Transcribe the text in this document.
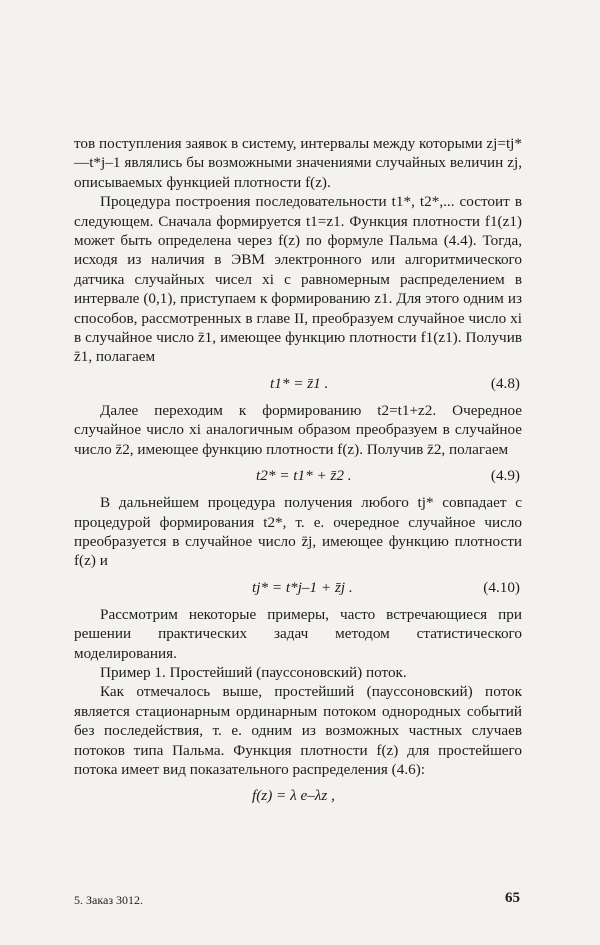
тов поступления заявок в систему, интервалы между которыми zj=tj*—t*j–1 являлись бы возможными значениями случайных величин zj, описываемых функцией плотности f(z).

Процедура построения последовательности t1*, t2*,... состоит в следующем. Сначала формируется t1=z1. Функция плотности f1(z1) может быть определена через f(z) по формуле Пальма (4.4). Тогда, исходя из наличия в ЭВМ электронного или алгоритмического датчика случайных чисел xi с равномерным распределением в интервале (0,1), приступаем к формированию z1. Для этого одним из способов, рассмотренных в главе II, преобразуем случайное число xi в случайное число z̄1, имеющее функцию плотности f1(z1). Получив z̄1, полагаем

t1* = z̄1 .	(4.8)

Далее переходим к формированию t2=t1+z2. Очередное случайное число xi аналогичным образом преобразуем в случайное число z̄2, имеющее функцию плотности f(z). Получив z̄2, полагаем

t2* = t1* + z̄2 .	(4.9)

В дальнейшем процедура получения любого tj* совпадает с процедурой формирования t2*, т. е. очередное случайное число преобразуется в случайное число z̄j, имеющее функцию плотности f(z) и

tj* = t*j–1 + z̄j .	(4.10)

Рассмотрим некоторые примеры, часто встречающиеся при решении практических задач методом статистического моделирования.

Пример 1. Простейший (пауссоновский) поток.

Как отмечалось выше, простейший (пауссоновский) поток является стационарным ординарным потоком однородных событий без последействия, т. е. одним из возможных частных случаев потоков типа Пальма. Функция плотности f(z) для простейшего потока имеет вид показательного распределения (4.6):

f(z) = λ e–λz ,
5. Заказ 3012.	65
